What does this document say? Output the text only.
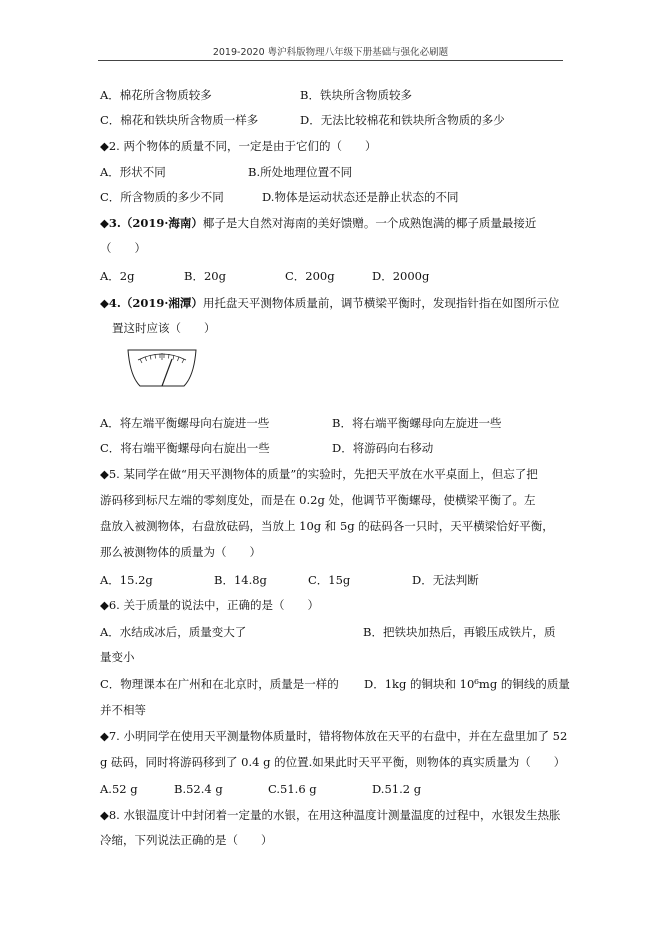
2019-2020 粤沪科版物理八年级下册基础与强化必刷题
A．棉花所含物质较多	B．铁块所含物质较多
C．棉花和铁块所含物质一样多	D．无法比较棉花和铁块所含物质的多少
◆2. 两个物体的质量不同，一定是由于它们的（　　）
A．形状不同	B.所处地理位置不同
C．所含物质的多少不同	D.物体是运动状态还是静止状态的不同
◆3.（2019·海南）椰子是大自然对海南的美好馈赠。一个成熟饱满的椰子质量最接近
（　　）
A．2g	B．20g	C．200g	D．2000g
◆4.（2019·湘潭）用托盘天平测物体质量前，调节横梁平衡时，发现指针指在如图所示位
置这时应该（　　）
A．将左端平衡螺母向右旋进一些	B．将右端平衡螺母向左旋进一些
C．将右端平衡螺母向右旋出一些	D．将游码向右移动
◆5. 某同学在做“用天平测物体的质量”的实验时，先把天平放在水平桌面上，但忘了把
游码移到标尺左端的零刻度处，而是在 0.2g 处，他调节平衡螺母，使横梁平衡了。左
盘放入被测物体，右盘放砝码，当放上 10g 和 5g 的砝码各一只时，天平横梁恰好平衡，
那么被测物体的质量为（　　）
A．15.2g	B．14.8g	C．15g	D．无法判断
◆6. 关于质量的说法中，正确的是（　　）
A．水结成冰后，质量变大了	B．把铁块加热后，再锻压成铁片，质
量变小
C．物理课本在广州和在北京时，质量是一样的 D．1kg 的铜块和 10⁶mg 的铜线的质量
并不相等
◆7. 小明同学在使用天平测量物体质量时，错将物体放在天平的右盘中，并在左盘里加了 52
g 砝码，同时将游码移到了 0.4 g 的位置.如果此时天平平衡，则物体的真实质量为（　　）
A.52 g	B.52.4 g	C.51.6 g	D.51.2 g
◆8. 水银温度计中封闭着一定量的水银，在用这种温度计测量温度的过程中，水银发生热胀
冷缩，下列说法正确的是（　　）
